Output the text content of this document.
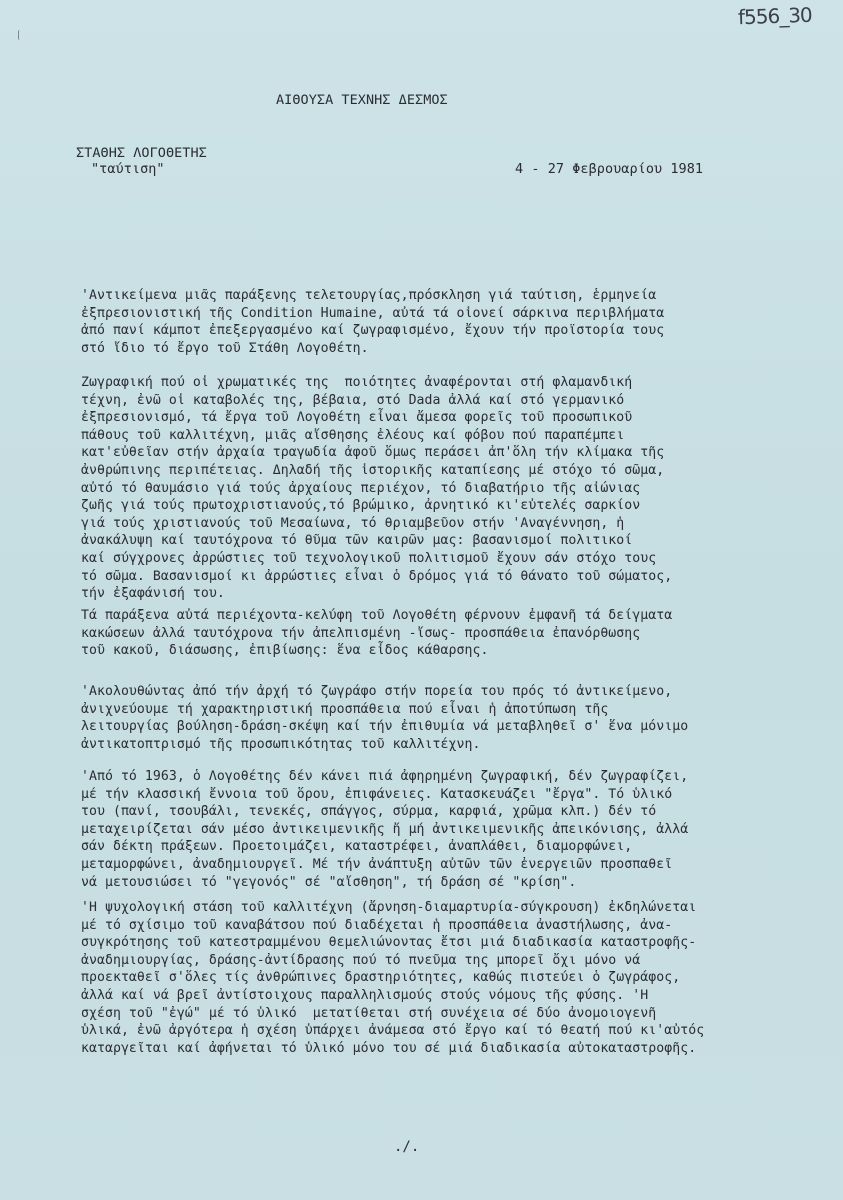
f556_30
ΑΙΘΟΥΣΑ ΤΕΧΝΗΣ ΔΕΣΜΟΣ
ΣΤΑΘΗΣ ΛΟΓΟΘΕΤΗΣ
"ταύτιση"	4 - 27 Φεβρουαρίου 1981
'Αντικείμενα μιᾶς παράξενης τελετουργίας,πρόσκληση γιά ταύτιση, ἑρμηνεία
ἐξπρεσιονιστική τῆς Condition Humaine, αὐτά τά οἱονεί σάρκινα περιβλήματα
ἀπό πανί κάμποτ ἐπεξεργασμένο καί ζωγραφισμένο, ἔχουν τήν προϊστορία τους
στό ἴδιο τό ἔργο τοῦ Στάθη Λογοθέτη.
Ζωγραφική πού οἱ χρωματικές της  ποιότητες ἀναφέρονται στή φλαμανδική
τέχνη, ἐνῶ οἱ καταβολές της, βέβαια, στό Dada ἀλλά καί στό γερμανικό
ἐξπρεσιονισμό, τά ἔργα τοῦ Λογοθέτη εἶναι ἄμεσα φορεῖς τοῦ προσωπικοῦ
πάθους τοῦ καλλιτέχνη, μιᾶς αἴσθησης ἐλέους καί φόβου πού παραπέμπει
κατ'εὐθεῖαν στήν ἀρχαία τραγωδία ἀφοῦ ὅμως περάσει ἀπ'ὅλη τήν κλίμακα τῆς
ἀνθρώπινης περιπέτειας. Δηλαδή τῆς ἱστορικῆς καταπίεσης μέ στόχο τό σῶμα,
αὐτό τό θαυμάσιο γιά τούς ἀρχαίους περιέχον, τό διαβατήριο τῆς αἰώνιας
ζωῆς γιά τούς πρωτοχριστιανούς,τό βρώμικο, ἀρνητικό κι'εὐτελές σαρκίον
γιά τούς χριστιανούς τοῦ Μεσαίωνα, τό θριαμβεῦον στήν 'Αναγέννηση, ἡ
ἀνακάλυψη καί ταυτόχρονα τό θῦμα τῶν καιρῶν μας: βασανισμοί πολιτικοί
καί σύγχρονες ἀρρώστιες τοῦ τεχνολογικοῦ πολιτισμοῦ ἔχουν σάν στόχο τους
τό σῶμα. Βασανισμοί κι ἀρρώστιες εἶναι ὁ δρόμος γιά τό θάνατο τοῦ σώματος,
τήν ἐξαφάνισή του.
Τά παράξενα αὐτά περιέχοντα-κελύφη τοῦ Λογοθέτη φέρνουν ἐμφανῆ τά δείγματα
κακώσεων ἀλλά ταυτόχρονα τήν ἀπελπισμένη -ἴσως- προσπάθεια ἐπανόρθωσης
τοῦ κακοῦ, διάσωσης, ἐπιβίωσης: ἕνα εἶδος κάθαρσης.
'Ακολουθώντας ἀπό τήν ἀρχή τό ζωγράφο στήν πορεία του πρός τό ἀντικείμενο,
ἀνιχνεύουμε τή χαρακτηριστική προσπάθεια πού εἶναι ἡ ἀποτύπωση τῆς
λειτουργίας βούληση-δράση-σκέψη καί τήν ἐπιθυμία νά μεταβληθεῖ σ' ἕνα μόνιμο
ἀντικατοπτρισμό τῆς προσωπικότητας τοῦ καλλιτέχνη.
'Από τό 1963, ὁ Λογοθέτης δέν κάνει πιά ἀφηρημένη ζωγραφική, δέν ζωγραφίζει,
μέ τήν κλασσική ἔννοια τοῦ ὅρου, ἐπιφάνειες. Κατασκευάζει "ἔργα". Τό ὑλικό
του (πανί, τσουβάλι, τενεκές, σπάγγος, σύρμα, καρφιά, χρῶμα κλπ.) δέν τό
μεταχειρίζεται σάν μέσο ἀντικειμενικῆς ἤ μή ἀντικειμενικῆς ἀπεικόνισης, ἀλλά
σάν δέκτη πράξεων. Προετοιμάζει, καταστρέφει, ἀναπλάθει, διαμορφώνει,
μεταμορφώνει, ἀναδημιουργεῖ. Μέ τήν ἀνάπτυξη αὐτῶν τῶν ἐνεργειῶν προσπαθεῖ
νά μετουσιώσει τό "γεγονός" σέ "αἴσθηση", τή δράση σέ "κρίση".
'Η ψυχολογική στάση τοῦ καλλιτέχνη (ἄρνηση-διαμαρτυρία-σύγκρουση) ἐκδηλώνεται
μέ τό σχίσιμο τοῦ καναβάτσου πού διαδέχεται ἡ προσπάθεια ἀναστήλωσης, ἀνα-
συγκρότησης τοῦ κατεστραμμένου θεμελιώνοντας ἔτσι μιά διαδικασία καταστροφῆς-
ἀναδημιουργίας, δράσης-ἀντίδρασης πού τό πνεῦμα της μπορεῖ ὄχι μόνο νά
προεκταθεῖ σ'ὅλες τίς ἀνθρώπινες δραστηριότητες, καθώς πιστεύει ὁ ζωγράφος,
ἀλλά καί νά βρεῖ ἀντίστοιχους παραλληλισμούς στούς νόμους τῆς φύσης. 'Η
σχέση τοῦ "ἐγώ" μέ τό ὑλικό  μετατίθεται στή συνέχεια σέ δύο ἀνομοιογενῆ
ὑλικά, ἐνῶ ἀργότερα ἡ σχέση ὑπάρχει ἀνάμεσα στό ἔργο καί τό θεατή πού κι'αὐτός
καταργεῖται καί ἀφήνεται τό ὑλικό μόνο του σέ μιά διαδικασία αὐτοκαταστροφῆς.
./.
